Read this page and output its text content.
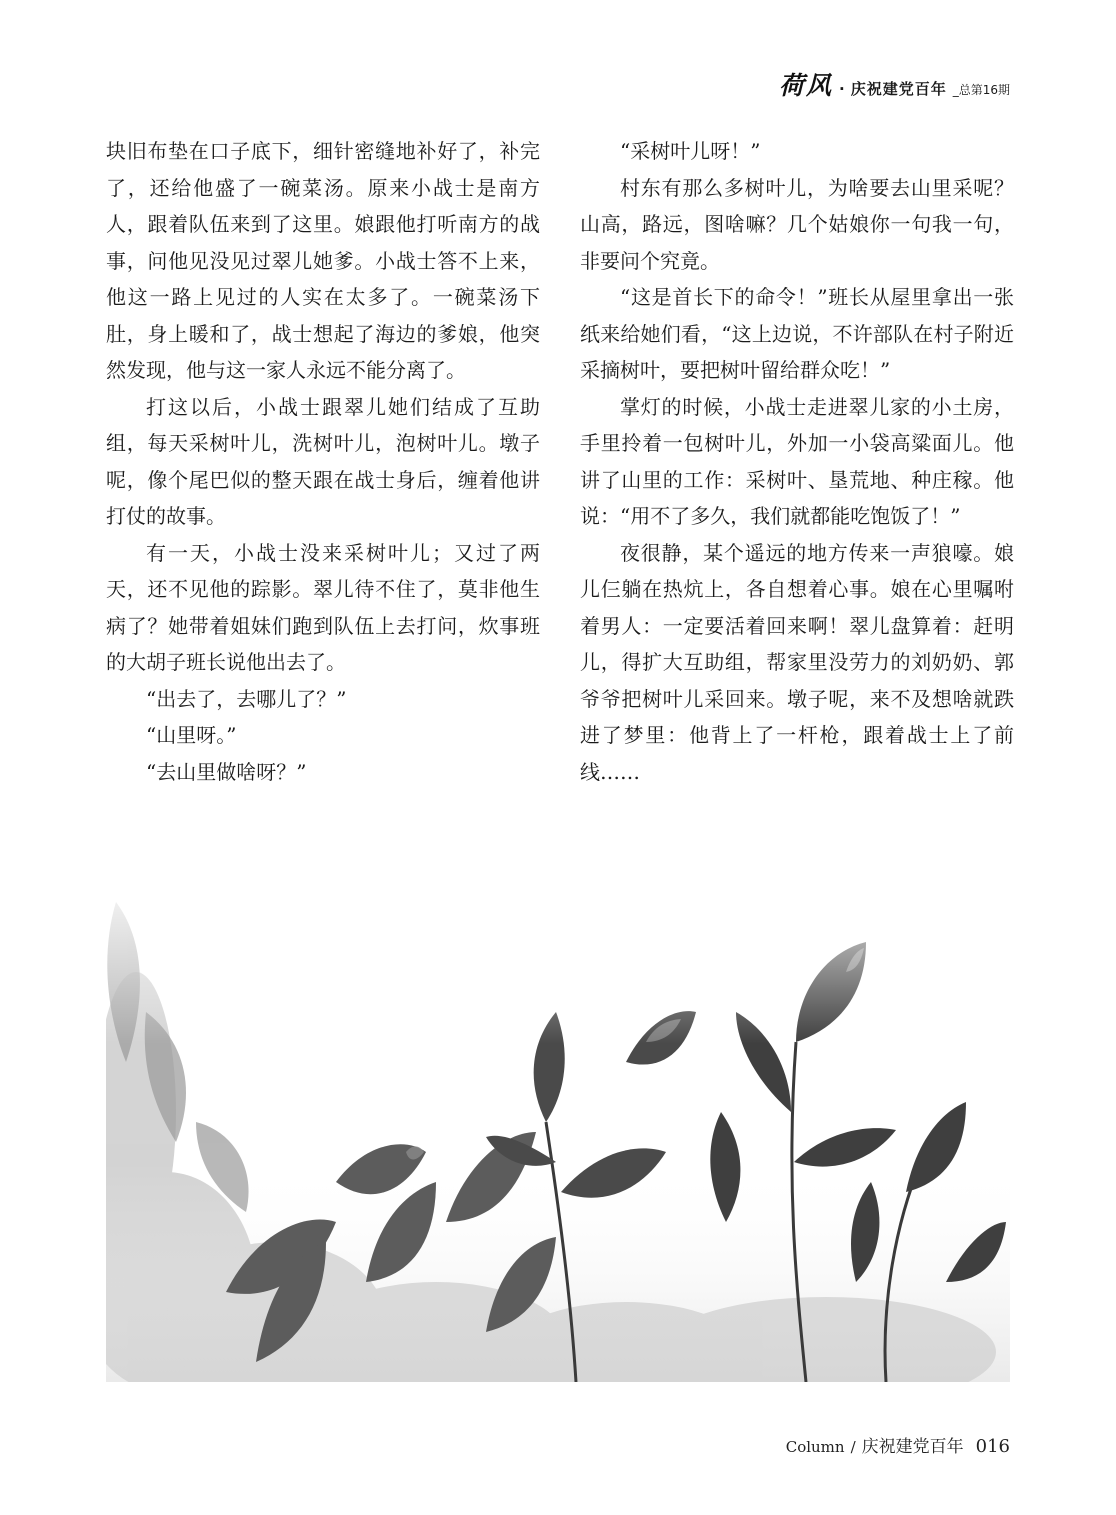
荷风 · 庆祝建党百年 _总第16期

块旧布垫在口子底下，细针密缝地补好了，补完了，还给他盛了一碗菜汤。原来小战士是南方人，跟着队伍来到了这里。娘跟他打听南方的战事，问他见没见过翠儿她爹。小战士答不上来，他这一路上见过的人实在太多了。一碗菜汤下肚，身上暖和了，战士想起了海边的爹娘，他突然发现，他与这一家人永远不能分离了。

打这以后，小战士跟翠儿她们结成了互助组，每天采树叶儿，洗树叶儿，泡树叶儿。墩子呢，像个尾巴似的整天跟在战士身后，缠着他讲打仗的故事。

有一天，小战士没来采树叶儿；又过了两天，还不见他的踪影。翠儿待不住了，莫非他生病了？她带着姐妹们跑到队伍上去打问，炊事班的大胡子班长说他出去了。

“出去了，去哪儿了？”

“山里呀。”

“去山里做啥呀？”

“采树叶儿呀！”

村东有那么多树叶儿，为啥要去山里采呢？山高，路远，图啥嘛？几个姑娘你一句我一句，非要问个究竟。

“这是首长下的命令！”班长从屋里拿出一张纸来给她们看，“这上边说，不许部队在村子附近采摘树叶，要把树叶留给群众吃！”

掌灯的时候，小战士走进翠儿家的小土房，手里拎着一包树叶儿，外加一小袋高粱面儿。他讲了山里的工作：采树叶、垦荒地、种庄稼。他说：“用不了多久，我们就都能吃饱饭了！”

夜很静，某个遥远的地方传来一声狼嚎。娘儿仨躺在热炕上，各自想着心事。娘在心里嘱咐着男人：一定要活着回来啊！翠儿盘算着：赶明儿，得扩大互助组，帮家里没劳力的刘奶奶、郭爷爷把树叶儿采回来。墩子呢，来不及想啥就跌进了梦里：他背上了一杆枪，跟着战士上了前线……

Column / 庆祝建党百年 016
